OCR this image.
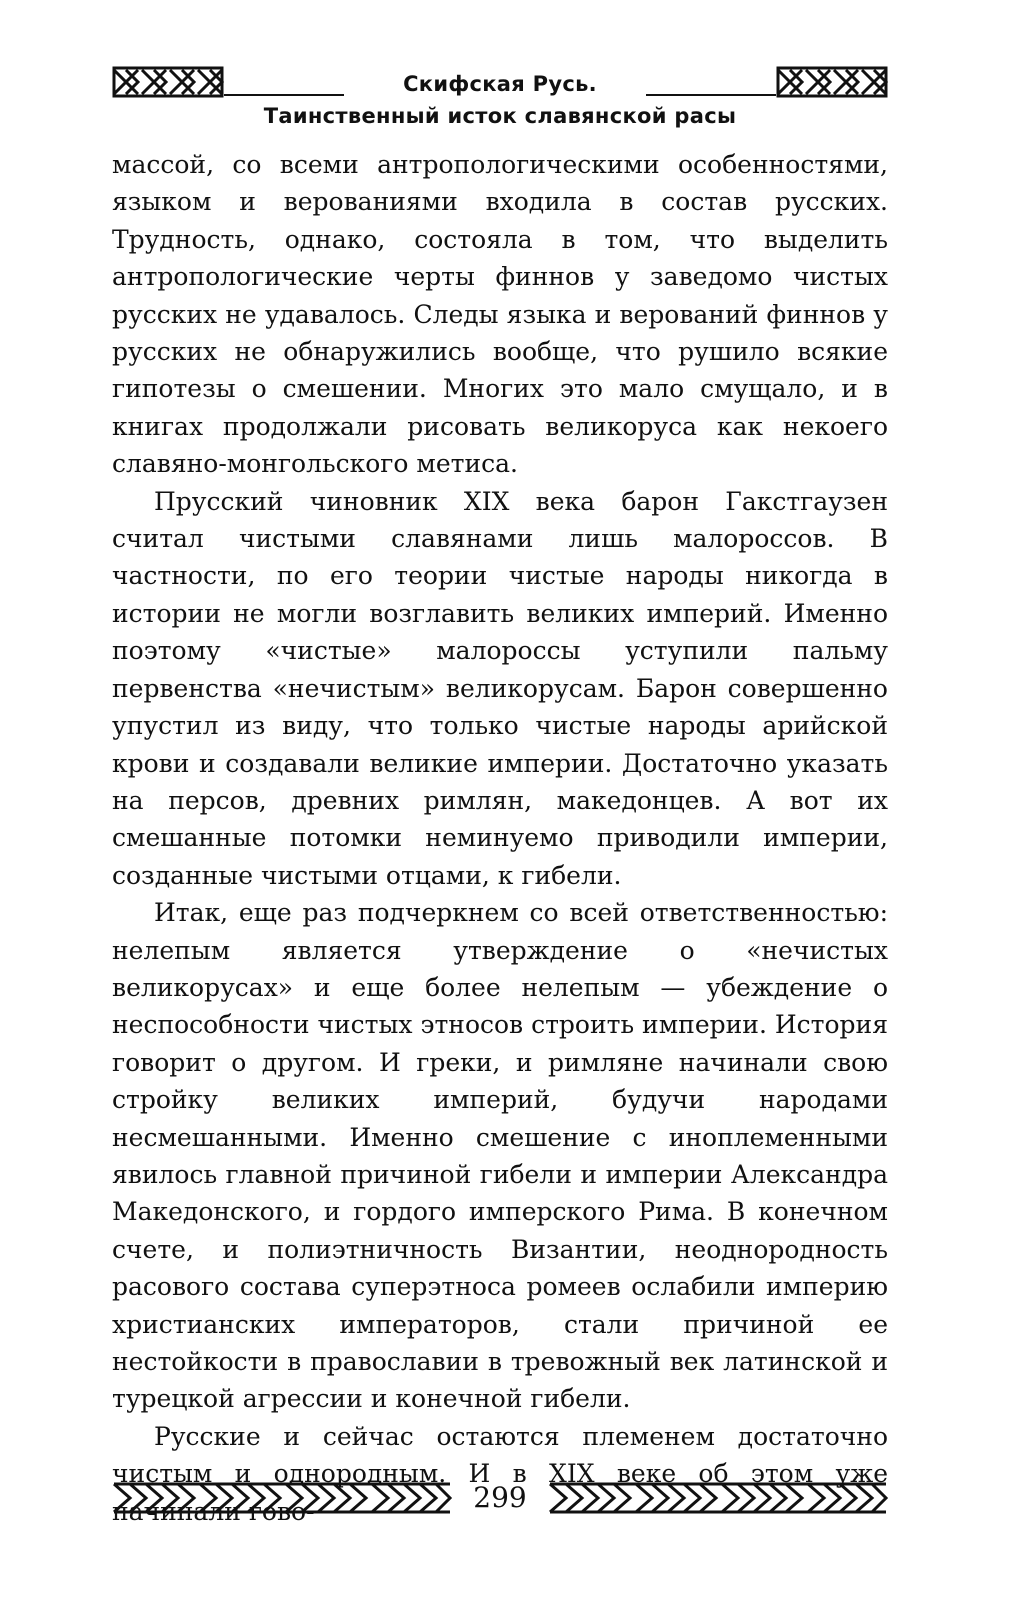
Скифская Русь.
Таинственный исток славянской расы

массой, со всеми антропологическими особенностями, языком и верованиями входила в состав русских. Трудность, однако, состояла в том, что выделить антропологические черты финнов у заведомо чистых русских не удавалось. Следы языка и верований финнов у русских не обнаружились вообще, что рушило всякие гипотезы о смешении. Многих это мало смущало, и в книгах продолжали рисовать великоруса как некоего славяно-монгольского метиса.

Прусский чиновник XIX века барон Гакстгаузен считал чистыми славянами лишь малороссов. В частности, по его теории чистые народы никогда в истории не могли возглавить великих империй. Именно поэтому «чистые» малороссы уступили пальму первенства «нечистым» великорусам. Барон совершенно упустил из виду, что только чистые народы арийской крови и создавали великие империи. Достаточно указать на персов, древних римлян, македонцев. А вот их смешанные потомки неминуемо приводили империи, созданные чистыми отцами, к гибели.

Итак, еще раз подчеркнем со всей ответственностью: нелепым является утверждение о «нечистых великорусах» и еще более нелепым — убеждение о неспособности чистых этносов строить империи. История говорит о другом. И греки, и римляне начинали свою стройку великих империй, будучи народами несмешанными. Именно смешение с иноплеменными явилось главной причиной гибели и империи Александра Македонского, и гордого имперского Рима. В конечном счете, и полиэтничность Византии, неоднородность расового состава суперэтноса ромеев ослабили империю христианских императоров, стали причиной ее нестойкости в православии в тревожный век латинской и турецкой агрессии и конечной гибели.

Русские и сейчас остаются племенем достаточно чистым и однородным. И в XIX веке об этом уже начинали гово-	299
